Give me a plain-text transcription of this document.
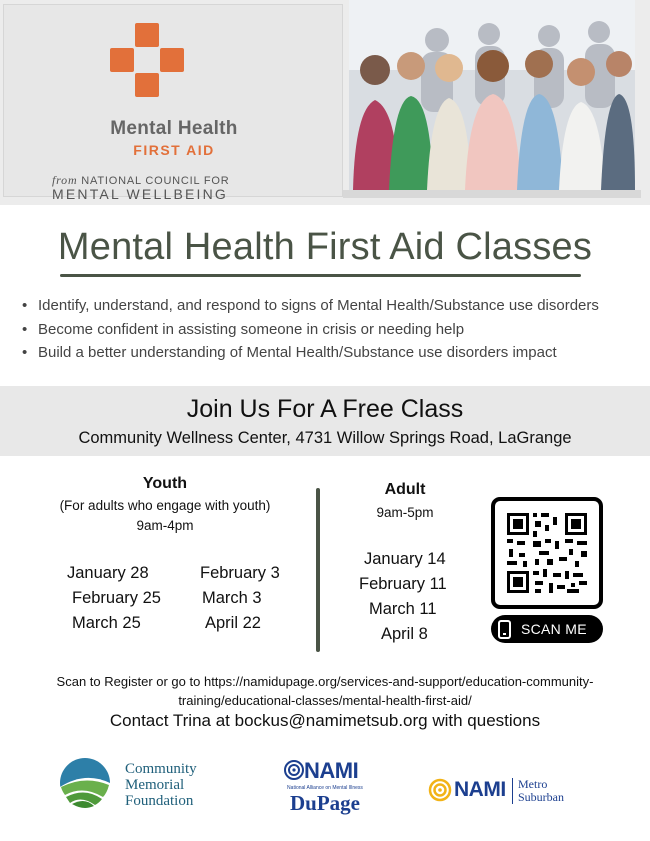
Mental Health
FIRST AID
from NATIONAL COUNCIL FOR
MENTAL WELLBEING
Mental Health First Aid Classes
• Identify, understand, and respond to signs of Mental Health/Substance use disorders
• Become confident in assisting someone in crisis or needing help
• Build a better understanding of Mental Health/Substance use disorders impact
Join Us For A Free Class
Community Wellness Center, 4731 Willow Springs Road, LaGrange
Youth
(For adults who engage with youth)
9am-4pm
January 28
February 25
March 25
February 3
March 3
April 22
Adult
9am-5pm
January 14
February 11
March 11
April 8	SCAN ME
Scan to Register or go to https://namidupage.org/services-and-support/education-community-training/educational-classes/mental-health-first-aid/
Contact Trina at bockus@namimetsub.org with questions
Community
Memorial
Foundation
NAMI
National Alliance on Mental Illness
DuPage
NAMI Metro
Suburban
